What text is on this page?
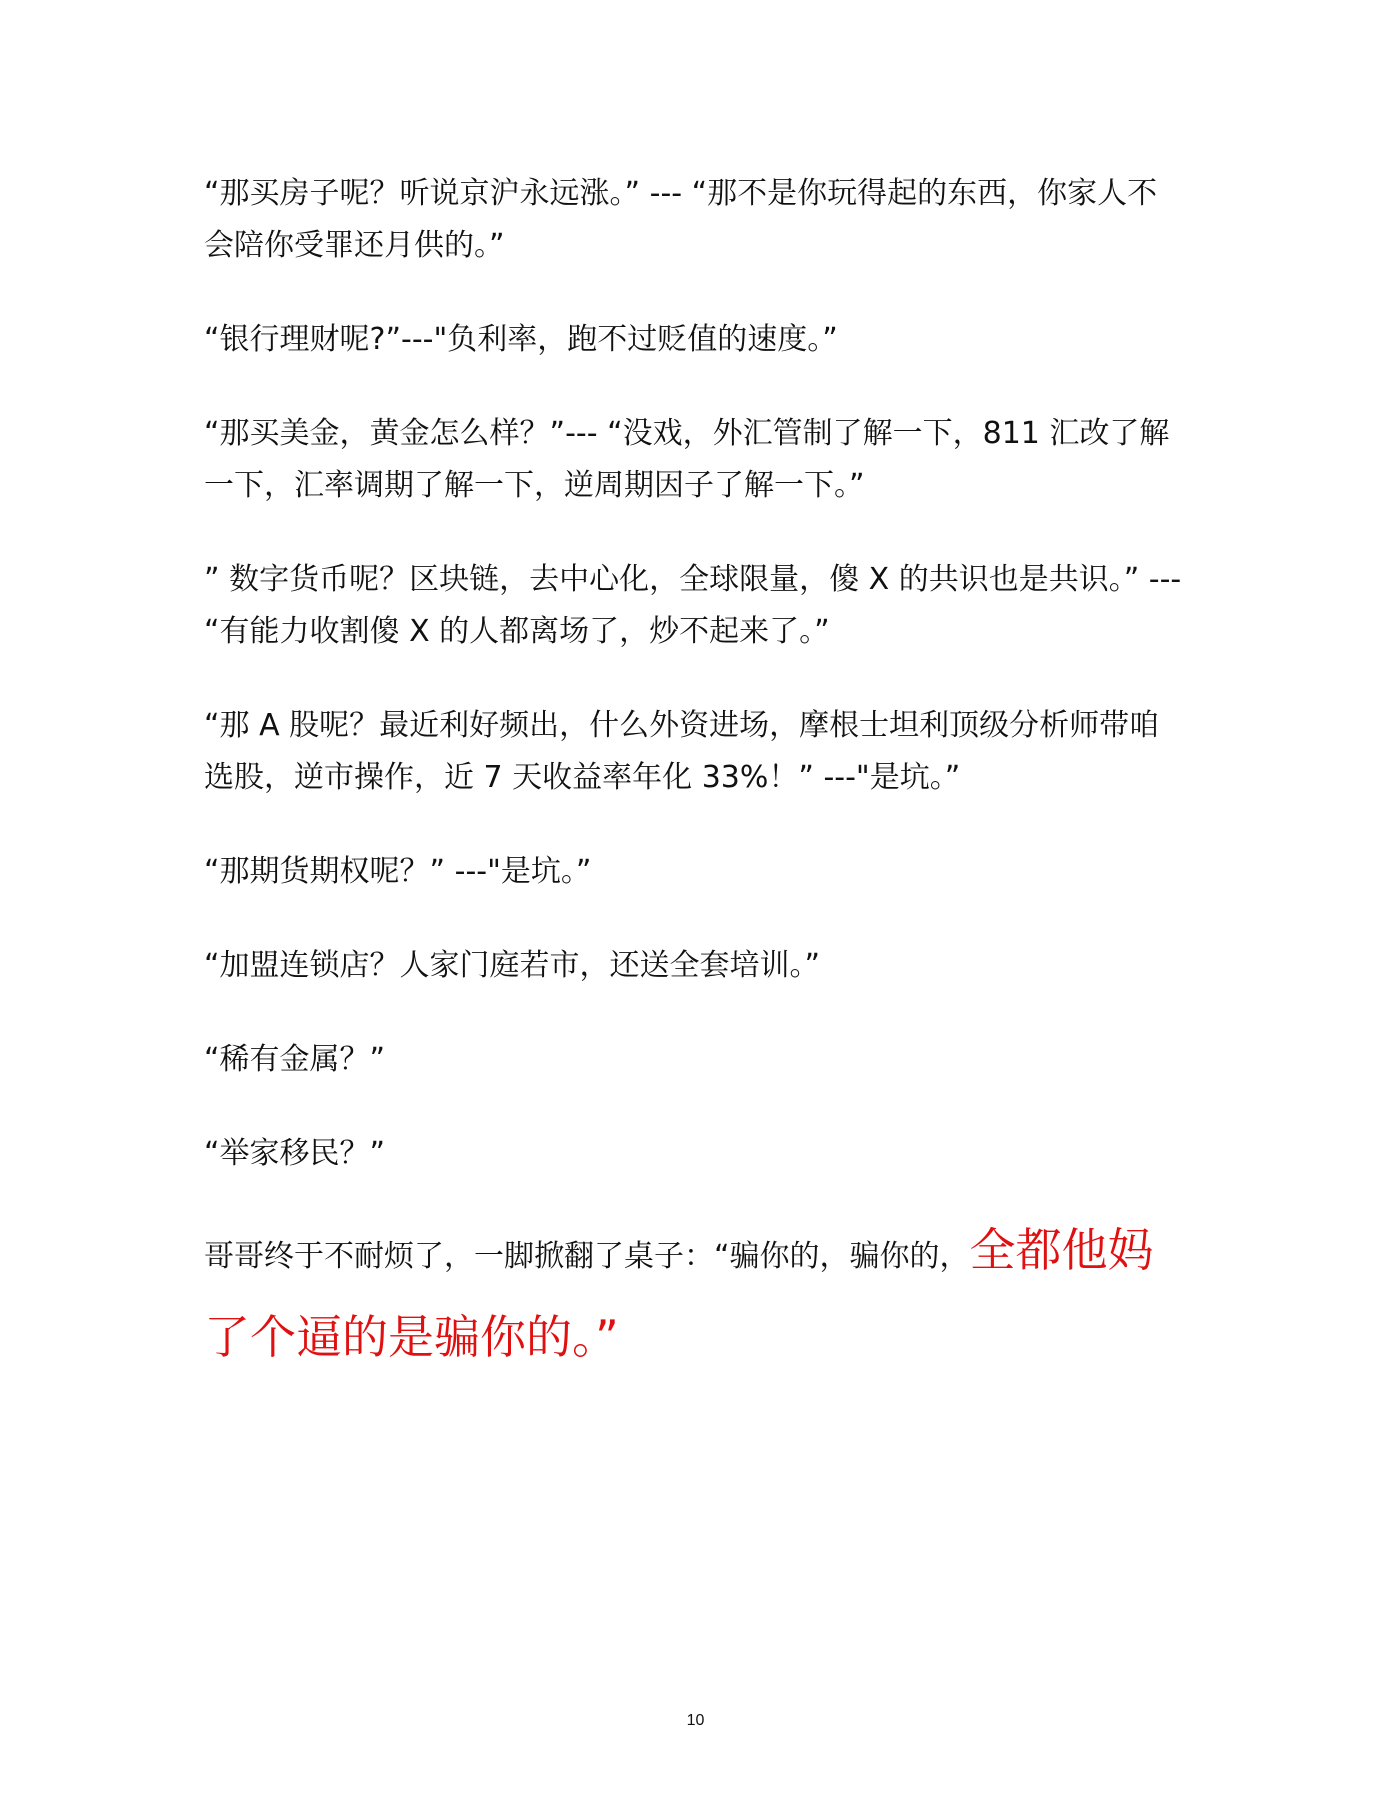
“那买房子呢？听说京沪永远涨。” --- “那不是你玩得起的东西，你家人不会陪你受罪还月供的。”

“银行理财呢?”---"负利率，跑不过贬值的速度。”

“那买美金，黄金怎么样？”--- “没戏，外汇管制了解一下，811 汇改了解一下，汇率调期了解一下，逆周期因子了解一下。”

” 数字货币呢？区块链，去中心化，全球限量，傻 X 的共识也是共识。” --- “有能力收割傻 X 的人都离场了，炒不起来了。”

“那 A 股呢？最近利好频出，什么外资进场，摩根士坦利顶级分析师带咱选股，逆市操作，近 7 天收益率年化 33%！” ---"是坑。”

“那期货期权呢？” ---"是坑。”

“加盟连锁店？人家门庭若市，还送全套培训。”

“稀有金属？”

“举家移民？”

哥哥终于不耐烦了，一脚掀翻了桌子：“骗你的，骗你的，全都他妈了个逼的是骗你的。”

10
